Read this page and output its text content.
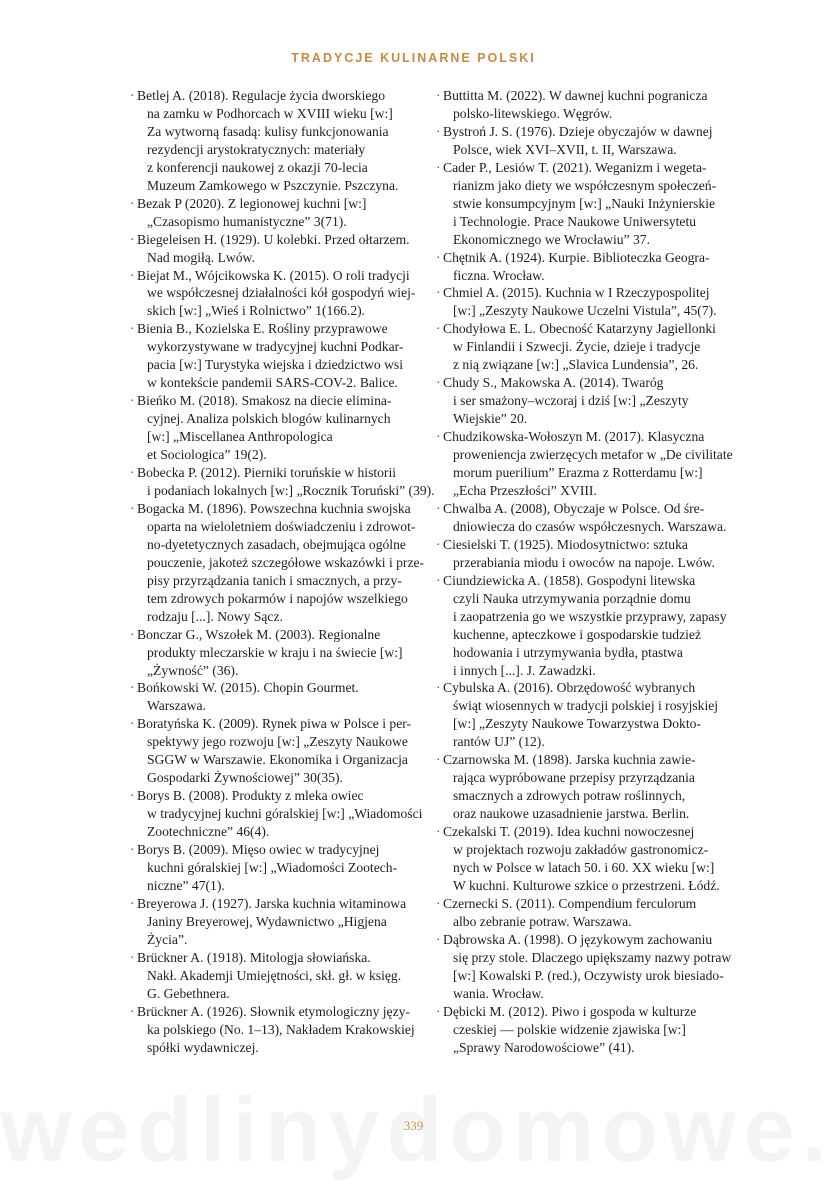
TRADYCJE KULINARNE POLSKI
· Betlej A. (2018). Regulacje życia dworskiego
na zamku w Podhorcach w XVIII wieku [w:]
Za wytworną fasadą: kulisy funkcjonowania
rezydencji arystokratycznych: materiały
z konferencji naukowej z okazji 70-lecia
Muzeum Zamkowego w Pszczynie. Pszczyna.
· Bezak P (2020). Z legionowej kuchni [w:]
„Czasopismo humanistyczne” 3(71).
· Biegeleisen H. (1929). U kolebki. Przed ołtarzem.
Nad mogiłą. Lwów.
· Biejat M., Wójcikowska K. (2015). O roli tradycji
we współczesnej działalności kół gospodyń wiej-
skich [w:] „Wieś i Rolnictwo” 1(166.2).
· Bienia B., Kozielska E. Rośliny przyprawowe
wykorzystywane w tradycyjnej kuchni Podkar-
pacia [w:] Turystyka wiejska i dziedzictwo wsi
w kontekście pandemii SARS-COV-2. Balice.
· Bieńko M. (2018). Smakosz na diecie elimina-
cyjnej. Analiza polskich blogów kulinarnych
[w:] „Miscellanea Anthropologica
et Sociologica” 19(2).
· Bobecka P. (2012). Pierniki toruńskie w historii
i podaniach lokalnych [w:] „Rocznik Toruński” (39).
· Bogacka M. (1896). Powszechna kuchnia swojska
oparta na wieloletniem doświadczeniu i zdrowot-
no-dyetetycznych zasadach, obejmująca ogólne
pouczenie, jakoteż szczegółowe wskazówki i prze-
pisy przyrządzania tanich i smacznych, a przy-
tem zdrowych pokarmów i napojów wszelkiego
rodzaju [...]. Nowy Sącz.
· Bonczar G., Wszołek M. (2003). Regionalne
produkty mleczarskie w kraju i na świecie [w:]
„Żywność” (36).
· Bońkowski W. (2015). Chopin Gourmet.
Warszawa.
· Boratyńska K. (2009). Rynek piwa w Polsce i per-
spektywy jego rozwoju [w:] „Zeszyty Naukowe
SGGW w Warszawie. Ekonomika i Organizacja
Gospodarki Żywnościowej” 30(35).
· Borys B. (2008). Produkty z mleka owiec
w tradycyjnej kuchni góralskiej [w:] „Wiadomości
Zootechniczne” 46(4).
· Borys B. (2009). Mięso owiec w tradycyjnej
kuchni góralskiej [w:] „Wiadomości Zootech-
niczne” 47(1).
· Breyerowa J. (1927). Jarska kuchnia witaminowa
Janiny Breyerowej, Wydawnictwo „Higjena
Życia”.
· Brückner A. (1918). Mitologja słowiańska.
Nakł. Akademji Umiejętności, skł. gł. w księg.
G. Gebethnera.
· Brückner A. (1926). Słownik etymologiczny języ-
ka polskiego (No. 1–13), Nakładem Krakowskiej
spółki wydawniczej.
· Buttitta M. (2022). W dawnej kuchni pogranicza
polsko-litewskiego. Węgrów.
· Bystroń J. S. (1976). Dzieje obyczajów w dawnej
Polsce, wiek XVI–XVII, t. II, Warszawa.
· Cader P., Lesiów T. (2021). Weganizm i wegeta-
rianizm jako diety we współczesnym społeczeń-
stwie konsumpcyjnym [w:] „Nauki Inżynierskie
i Technologie. Prace Naukowe Uniwersytetu
Ekonomicznego we Wrocławiu” 37.
· Chętnik A. (1924). Kurpie. Biblioteczka Geogra-
ficzna. Wrocław.
· Chmiel A. (2015). Kuchnia w I Rzeczypospolitej
[w:] „Zeszyty Naukowe Uczelni Vistula”, 45(7).
· Chodyłowa E. L. Obecność Katarzyny Jagiellonki
w Finlandii i Szwecji. Życie, dzieje i tradycje
z nią związane [w:] „Slavica Lundensia”, 26.
· Chudy S., Makowska A. (2014). Twaróg
i ser smażony–wczoraj i dziś [w:] „Zeszyty
Wiejskie” 20.
· Chudzikowska-Wołoszyn M. (2017). Klasyczna
proweniencja zwierzęcych metafor w „De civilitate
morum puerilium” Erazma z Rotterdamu [w:]
„Echa Przeszłości” XVIII.
· Chwalba A. (2008), Obyczaje w Polsce. Od śre-
dniowiecza do czasów współczesnych. Warszawa.
· Ciesielski T. (1925). Miodosytnictwo: sztuka
przerabiania miodu i owoców na napoje. Lwów.
· Ciundziewicka A. (1858). Gospodyni litewska
czyli Nauka utrzymywania porządnie domu
i zaopatrzenia go we wszystkie przyprawy, zapasy
kuchenne, apteczkowe i gospodarskie tudzież
hodowania i utrzymywania bydła, ptastwa
i innych [...]. J. Zawadzki.
· Cybulska A. (2016). Obrzędowość wybranych
świąt wiosennych w tradycji polskiej i rosyjskiej
[w:] „Zeszyty Naukowe Towarzystwa Dokto-
rantów UJ” (12).
· Czarnowska M. (1898). Jarska kuchnia zawie-
rająca wypróbowane przepisy przyrządzania
smacznych a zdrowych potraw roślinnych,
oraz naukowe uzasadnienie jarstwa. Berlin.
· Czekalski T. (2019). Idea kuchni nowoczesnej
w projektach rozwoju zakładów gastronomicz-
nych w Polsce w latach 50. i 60. XX wieku [w:]
W kuchni. Kulturowe szkice o przestrzeni. Łódź.
· Czernecki S. (2011). Compendium ferculorum
albo zebranie potraw. Warszawa.
· Dąbrowska A. (1998). O językowym zachowaniu
się przy stole. Dlaczego upiększamy nazwy potraw
[w:] Kowalski P. (red.), Oczywisty urok biesiado-
wania. Wrocław.
· Dębicki M. (2012). Piwo i gospoda w kulturze
czeskiej — polskie widzenie zjawiska [w:]
„Sprawy Narodowościowe” (41).
339
